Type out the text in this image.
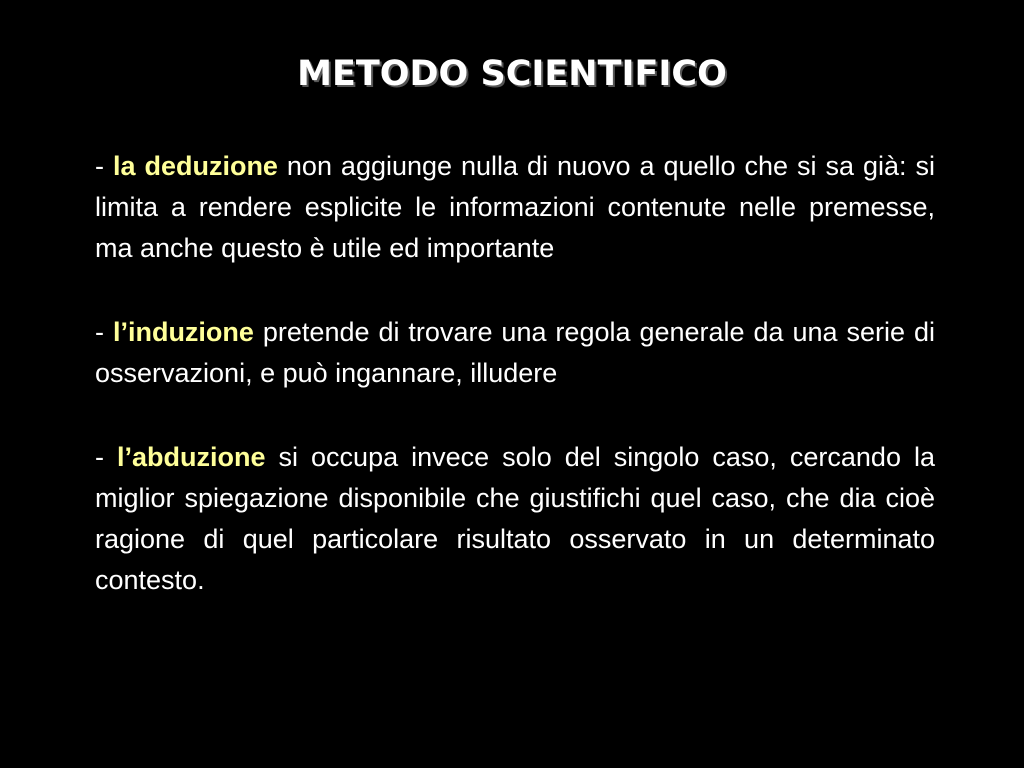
METODO SCIENTIFICO

- la deduzione non aggiunge nulla di nuovo a quello che si sa già: si limita a rendere esplicite le informazioni contenute nelle premesse, ma anche questo è utile ed importante

- l’induzione pretende di trovare una regola generale da una serie di osservazioni, e può ingannare, illudere

- l’abduzione si occupa invece solo del singolo caso, cercando la miglior spiegazione disponibile che giustifichi quel caso, che dia cioè ragione di quel particolare risultato osservato in un determinato contesto.
